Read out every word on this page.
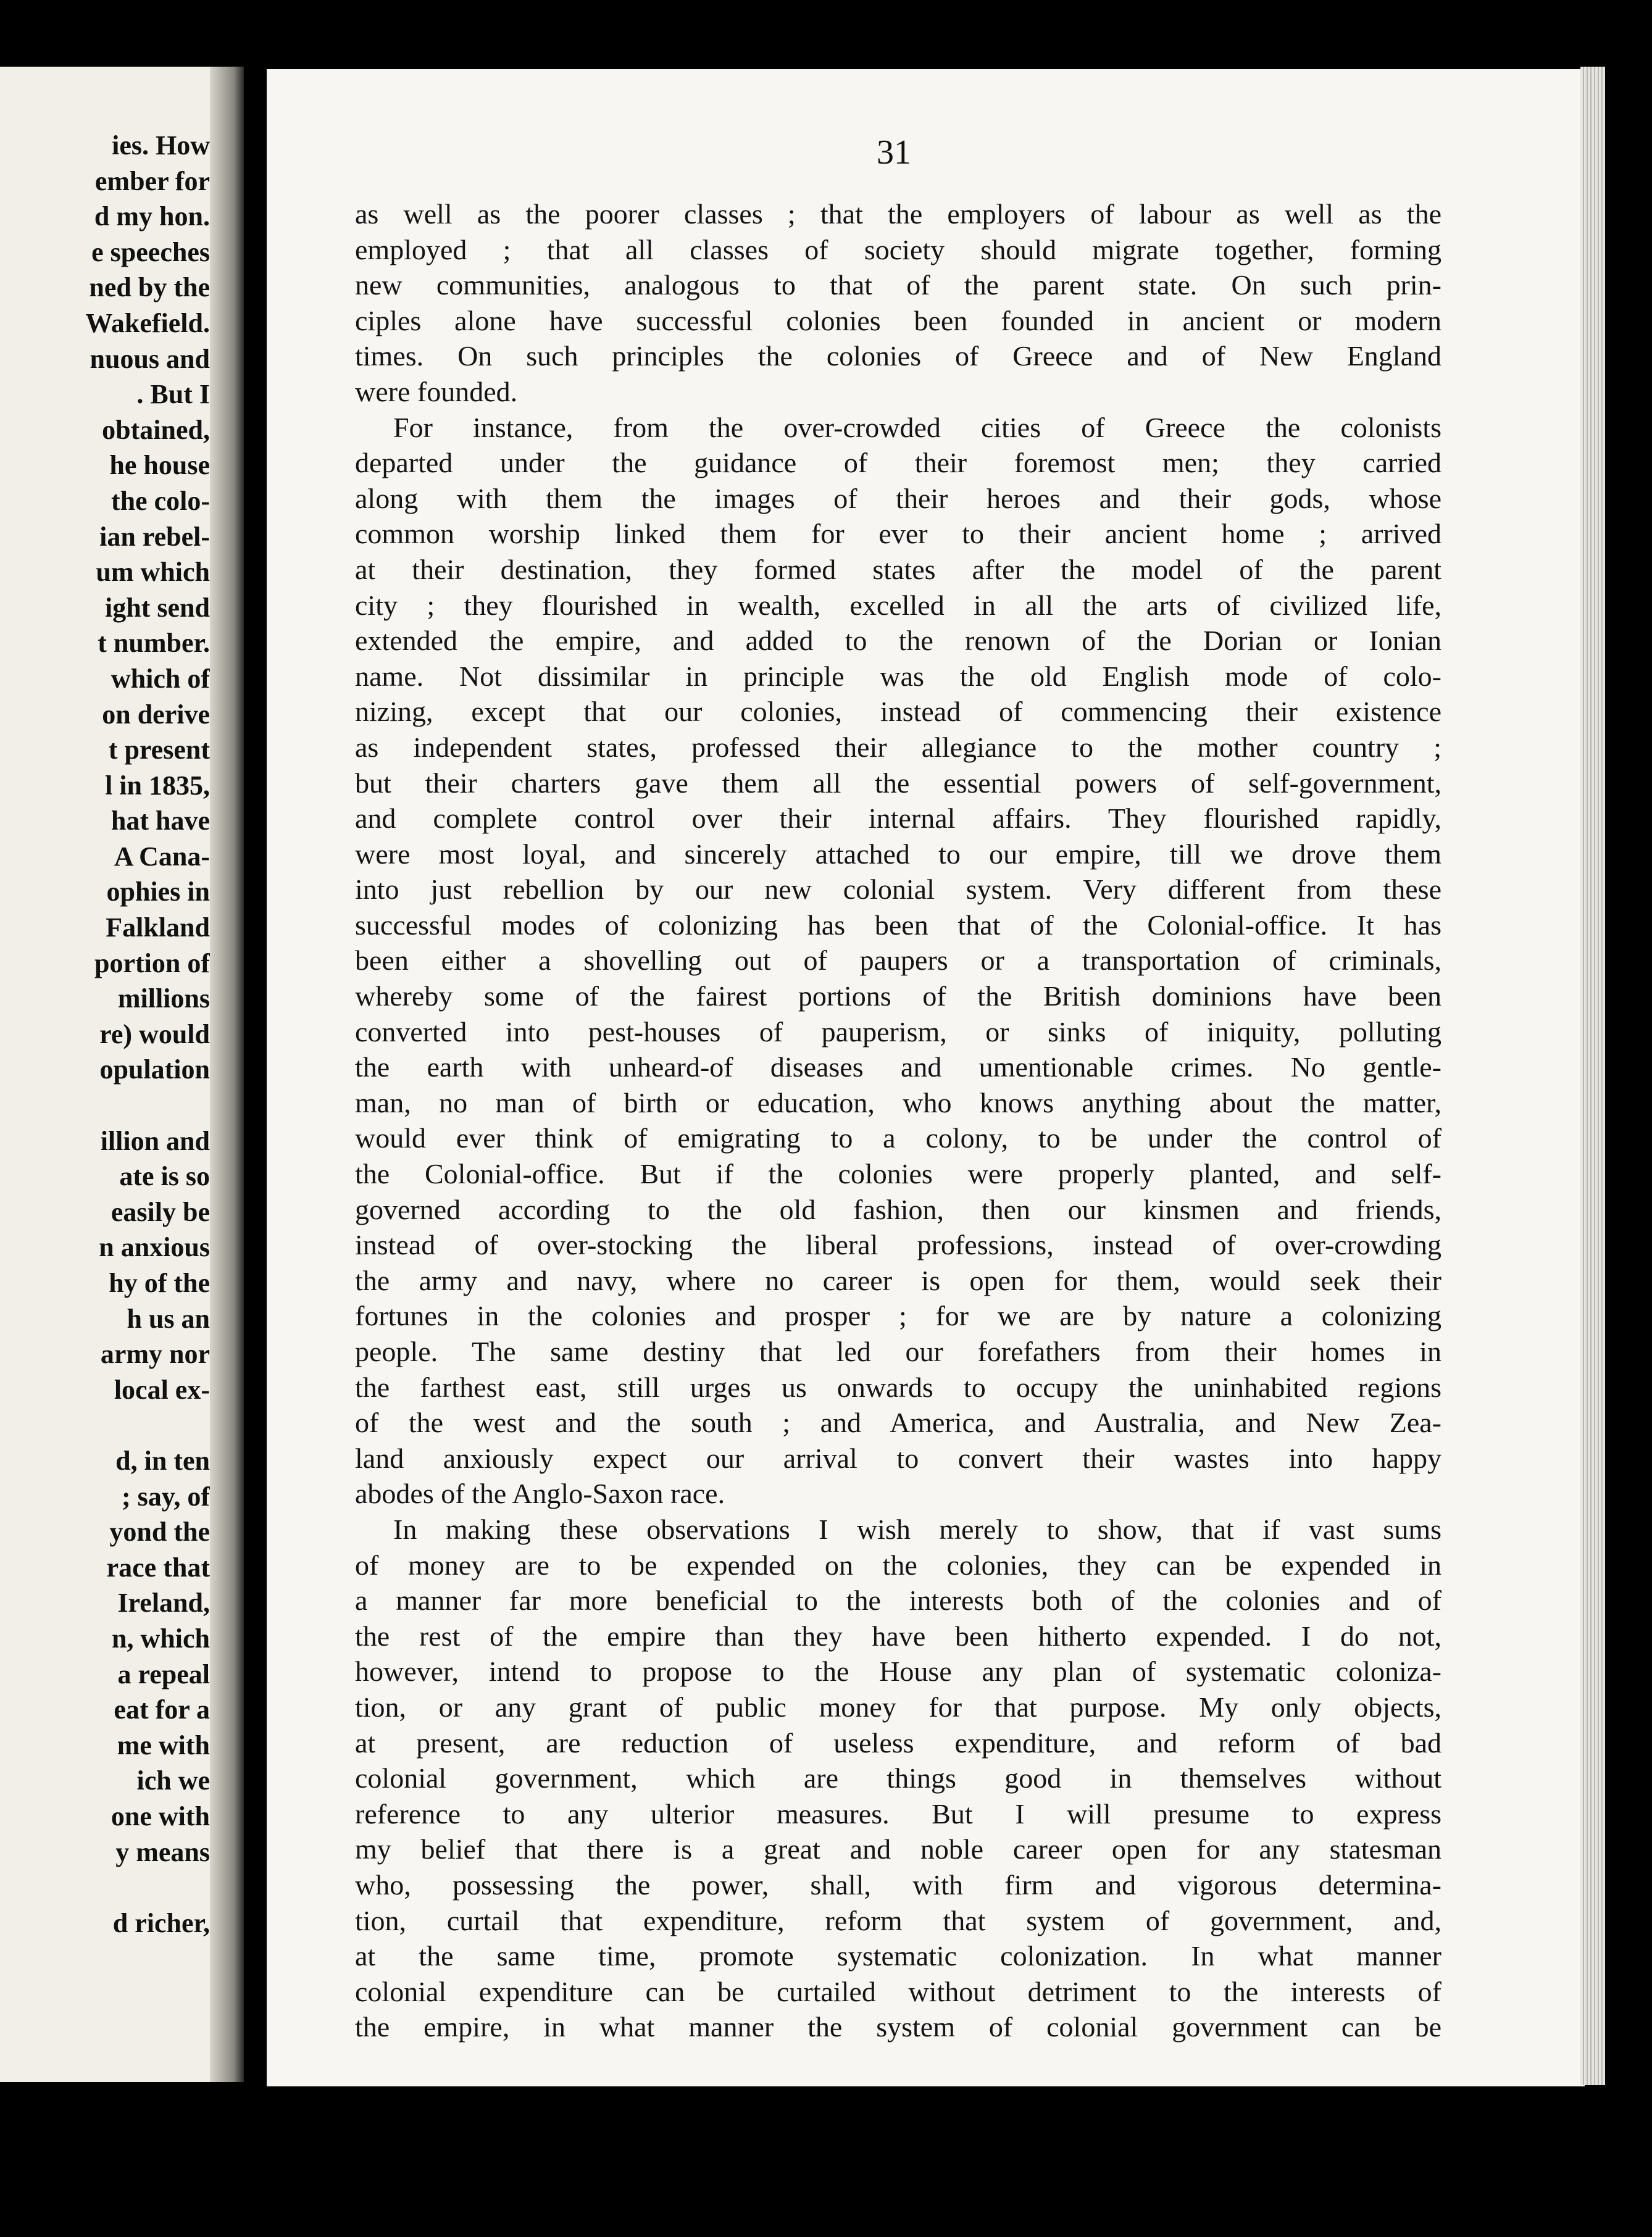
ies. How
ember for
d my hon.
e speeches
ned by the
Wakefield.
nuous and
. But I
obtained,
he house
the colo-
ian rebel-
um which
ight send
t number.
which of
on derive
t present
l in 1835,
hat have
A Cana-
ophies in
Falkland
portion of
millions
re) would
opulation

illion and
ate is so
easily be
n anxious
hy of the
h us an
army nor
local ex-

d, in ten
; say, of
yond the
race that
Ireland,
n, which
a repeal
eat for a
me with
ich we
one with
y means

d richer,
31
as well as the poorer classes ; that the employers of labour as well as the
employed ; that all classes of society should migrate together, forming
new communities, analogous to that of the parent state. On such prin-
ciples alone have successful colonies been founded in ancient or modern
times. On such principles the colonies of Greece and of New England
were founded.
For instance, from the over-crowded cities of Greece the colonists
departed under the guidance of their foremost men; they carried
along with them the images of their heroes and their gods, whose
common worship linked them for ever to their ancient home ; arrived
at their destination, they formed states after the model of the parent
city ; they flourished in wealth, excelled in all the arts of civilized life,
extended the empire, and added to the renown of the Dorian or Ionian
name. Not dissimilar in principle was the old English mode of colo-
nizing, except that our colonies, instead of commencing their existence
as independent states, professed their allegiance to the mother country ;
but their charters gave them all the essential powers of self-government,
and complete control over their internal affairs. They flourished rapidly,
were most loyal, and sincerely attached to our empire, till we drove them
into just rebellion by our new colonial system. Very different from these
successful modes of colonizing has been that of the Colonial-office. It has
been either a shovelling out of paupers or a transportation of criminals,
whereby some of the fairest portions of the British dominions have been
converted into pest-houses of pauperism, or sinks of iniquity, polluting
the earth with unheard-of diseases and umentionable crimes. No gentle-
man, no man of birth or education, who knows anything about the matter,
would ever think of emigrating to a colony, to be under the control of
the Colonial-office. But if the colonies were properly planted, and self-
governed according to the old fashion, then our kinsmen and friends,
instead of over-stocking the liberal professions, instead of over-crowding
the army and navy, where no career is open for them, would seek their
fortunes in the colonies and prosper ; for we are by nature a colonizing
people. The same destiny that led our forefathers from their homes in
the farthest east, still urges us onwards to occupy the uninhabited regions
of the west and the south ; and America, and Australia, and New Zea-
land anxiously expect our arrival to convert their wastes into happy
abodes of the Anglo-Saxon race.
In making these observations I wish merely to show, that if vast sums
of money are to be expended on the colonies, they can be expended in
a manner far more beneficial to the interests both of the colonies and of
the rest of the empire than they have been hitherto expended. I do not,
however, intend to propose to the House any plan of systematic coloniza-
tion, or any grant of public money for that purpose. My only objects,
at present, are reduction of useless expenditure, and reform of bad
colonial government, which are things good in themselves without
reference to any ulterior measures. But I will presume to express
my belief that there is a great and noble career open for any statesman
who, possessing the power, shall, with firm and vigorous determina-
tion, curtail that expenditure, reform that system of government, and,
at the same time, promote systematic colonization. In what manner
colonial expenditure can be curtailed without detriment to the interests of
the empire, in what manner the system of colonial government can be
